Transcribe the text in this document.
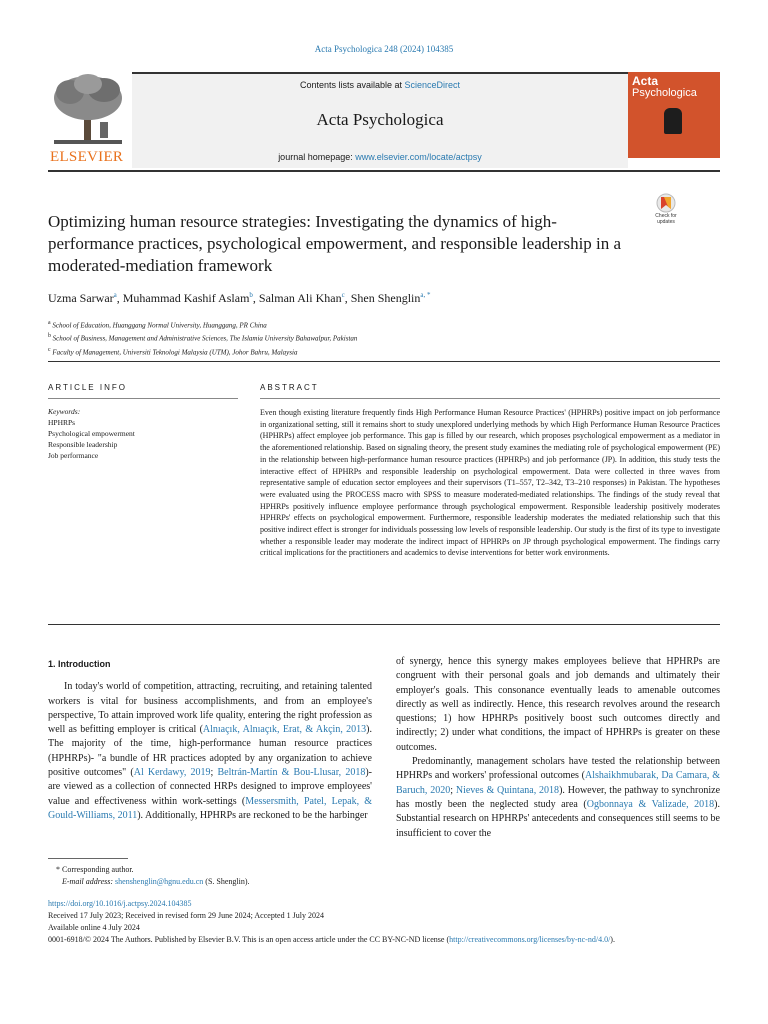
Acta Psychologica 248 (2024) 104385
ELSEVIER
Contents lists available at ScienceDirect
Acta Psychologica
journal homepage: www.elsevier.com/locate/actpsy
Acta
Psychologica
Check for
updates
Optimizing human resource strategies: Investigating the dynamics of high-performance practices, psychological empowerment, and responsible leadership in a moderated-mediation framework
Uzma Sarwar$^a$, Muhammad Kashif Aslam$^b$, Salman Ali Khan$^c$, Shen Shenglin$^{a, *}$
$^a$ School of Education, Huanggang Normal University, Huanggang, PR China
$^b$ School of Business, Management and Administrative Sciences, The Islamia University Bahawalpur, Pakistan
$^c$ Faculty of Management, Universiti Teknologi Malaysia (UTM), Johor Bahru, Malaysia
ARTICLE INFO	ABSTRACT
Keywords:
HPHRPs
Psychological empowerment
Responsible leadership
Job performance
Even though existing literature frequently finds High Performance Human Resource Practices' (HPHRPs) positive impact on job performance in organizational setting, still it remains short to study unexplored underlying methods by which High Performance Human Resource Practices (HPHRPs) affect employee job performance. This gap is filled by our research, which proposes psychological empowerment as a mediator in the aforementioned relationship. Based on signaling theory, the present study examines the mediating role of psychological empowerment (PE) in the relationship between high-performance human resource practices (HPHRPs) and job performance (JP). In addition, this study tests the interactive effect of HPHRPs and responsible leadership on psychological empowerment. Data were collected in three waves from representative sample of education sector employees and their supervisors (T1–557, T2–342, T3–210 responses) in Pakistan. The hypotheses were evaluated using the PROCESS macro with SPSS to measure moderated-mediated relationships. The findings of the study reveal that HPHRPs positively influence employee performance through psychological empowerment. Responsible leadership positively moderates HPHRPs' effects on psychological empowerment. Furthermore, responsible leadership moderates the mediated relationship such that this positive indirect effect is stronger for individuals possessing low levels of responsible leadership. Our study is the first of its type to investigate whether a responsible leader may moderate the indirect impact of HPHRPs on JP through psychological empowerment. The findings carry critical implications for the practitioners and academics to devise interventions for better work environments.
1. Introduction
In today's world of competition, attracting, recruiting, and retaining talented workers is vital for business accomplishments, and from an employee's perspective, To attain improved work life quality, entering the right profession as well as befitting employer is critical (Alnıaçık, Alnıaçık, Erat, & Akçin, 2013). The majority of the time, high-performance human resource practices (HPHRPs)- "a bundle of HR practices adopted by any organization to achieve positive outcomes" (Al Kerdawy, 2019; Beltrán-Martín & Bou-Llusar, 2018)- are viewed as a collection of connected HRPs designed to improve employees' value and effectiveness within work-settings (Messersmith, Patel, Lepak, & Gould-Williams, 2011). Additionally, HPHRPs are reckoned to be the harbinger
of synergy, hence this synergy makes employees believe that HPHRPs are congruent with their personal goals and job demands and ultimately their employer's goals. This consonance eventually leads to amenable outcomes directly as well as indirectly. Hence, this research revolves around the research questions; 1) how HPHRPs positively boost such outcomes directly and indirectly; 2) under what conditions, the impact of HPHRPs is greater on these outcomes.
Predominantly, management scholars have tested the relationship between HPHRPs and workers' professional outcomes (Alshaikhmubarak, Da Camara, & Baruch, 2020; Nieves & Quintana, 2018). However, the pathway to synchronize has mostly been the neglected study area (Ogbonnaya & Valizade, 2018). Substantial research on HPHRPs' antecedents and consequences still seems to be insufficient to cover the
* Corresponding author.
E-mail address: shenshenglin@hgnu.edu.cn (S. Shenglin).
https://doi.org/10.1016/j.actpsy.2024.104385
Received 17 July 2023; Received in revised form 29 June 2024; Accepted 1 July 2024
Available online 4 July 2024
0001-6918/© 2024 The Authors. Published by Elsevier B.V. This is an open access article under the CC BY-NC-ND license (http://creativecommons.org/licenses/by-nc-nd/4.0/).
